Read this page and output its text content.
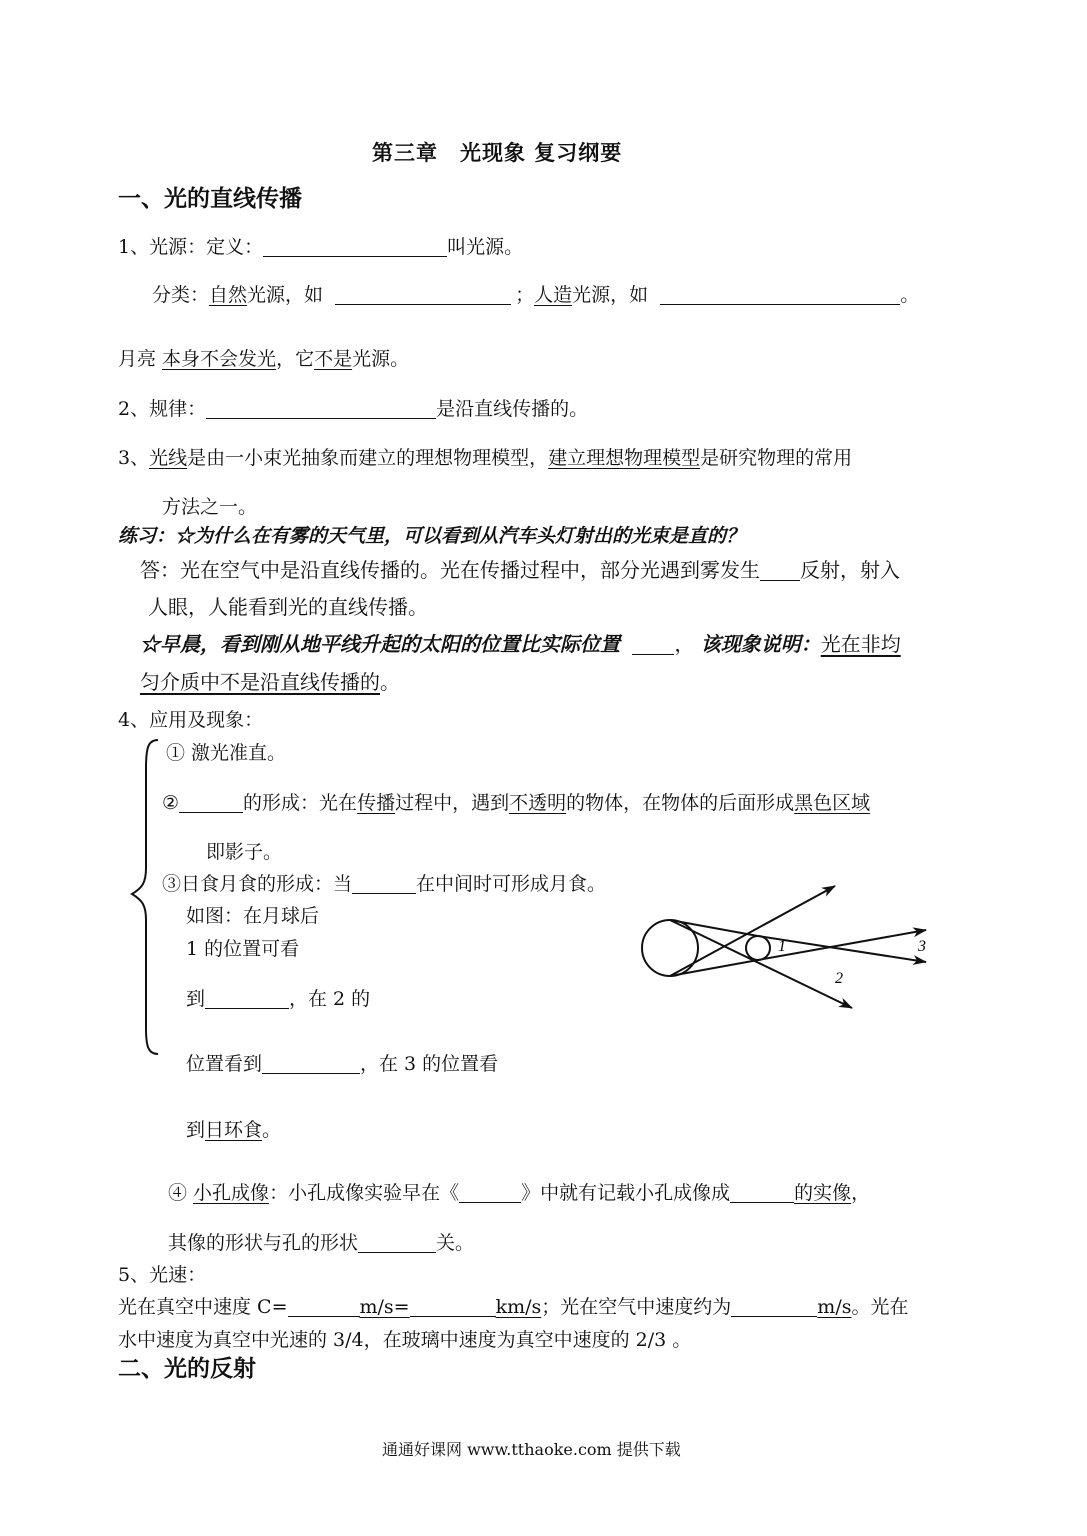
第三章　光现象 复习纲要
一、光的直线传播
1、光源：定义：	叫光源。
分类：自然光源，如	；人造光源，如	。
月亮 本身不会发光，它不是光源。
2、规律：	是沿直线传播的。
3、光线是由一小束光抽象而建立的理想物理模型，建立理想物理模型是研究物理的常用
方法之一。
练习：☆为什么在有雾的天气里，可以看到从汽车头灯射出的光束是直的？
答：光在空气中是沿直线传播的。光在传播过程中，部分光遇到雾发生 反射，射入
人眼，人能看到光的直线传播。
☆早晨，看到刚从地平线升起的太阳的位置比实际位置	， 该现象说明：光在非均
匀介质中不是沿直线传播的。
4、应用及现象：
① 激光准直。
②	的形成：光在传播过程中，遇到不透明的物体，在物体的后面形成黑色区域
即影子。
③日食月食的形成：当	在中间时可形成月食。
如图：在月球后
1 的位置可看
到	，在 2 的
位置看到	，在 3 的位置看
到日环食。
1
2
3
④ 小孔成像：小孔成像实验早在《	》中就有记载小孔成像成	的实像，
其像的形状与孔的形状	关。
5、光速：
光在真空中速度 C=	m/s=	km/s；光在空气中速度约为	m/s。光在
水中速度为真空中光速的 3/4，在玻璃中速度为真空中速度的 2/3 。
二、光的反射
通通好课网 www.tthaoke.com 提供下载
